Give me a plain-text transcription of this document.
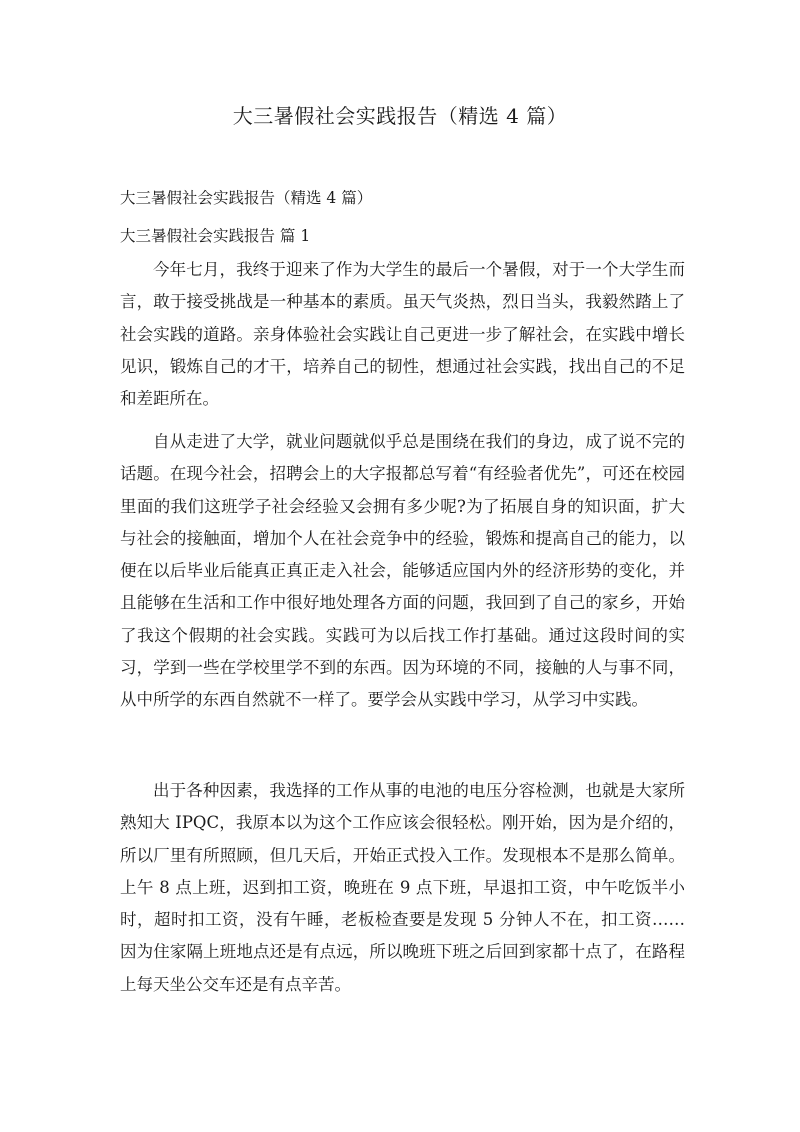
大三暑假社会实践报告（精选 4 篇）
大三暑假社会实践报告（精选 4 篇）
大三暑假社会实践报告 篇 1
今年七月，我终于迎来了作为大学生的最后一个暑假，对于一个大学生而言，敢于接受挑战是一种基本的素质。虽天气炎热，烈日当头，我毅然踏上了社会实践的道路。亲身体验社会实践让自己更进一步了解社会，在实践中增长见识，锻炼自己的才干，培养自己的韧性，想通过社会实践，找出自己的不足和差距所在。
自从走进了大学，就业问题就似乎总是围绕在我们的身边，成了说不完的话题。在现今社会，招聘会上的大字报都总写着“有经验者优先”，可还在校园里面的我们这班学子社会经验又会拥有多少呢?为了拓展自身的知识面，扩大与社会的接触面，增加个人在社会竞争中的经验，锻炼和提高自己的能力，以便在以后毕业后能真正真正走入社会，能够适应国内外的经济形势的变化，并且能够在生活和工作中很好地处理各方面的问题，我回到了自己的家乡，开始了我这个假期的社会实践。实践可为以后找工作打基础。通过这段时间的实习，学到一些在学校里学不到的东西。因为环境的不同，接触的人与事不同，从中所学的东西自然就不一样了。要学会从实践中学习，从学习中实践。
出于各种因素，我选择的工作从事的电池的电压分容检测，也就是大家所熟知大 IPQC，我原本以为这个工作应该会很轻松。刚开始，因为是介绍的，所以厂里有所照顾，但几天后，开始正式投入工作。发现根本不是那么简单。上午 8 点上班，迟到扣工资，晚班在 9 点下班，早退扣工资，中午吃饭半小时，超时扣工资，没有午睡，老板检查要是发现 5 分钟人不在，扣工资……因为住家隔上班地点还是有点远，所以晚班下班之后回到家都十点了，在路程上每天坐公交车还是有点辛苦。
